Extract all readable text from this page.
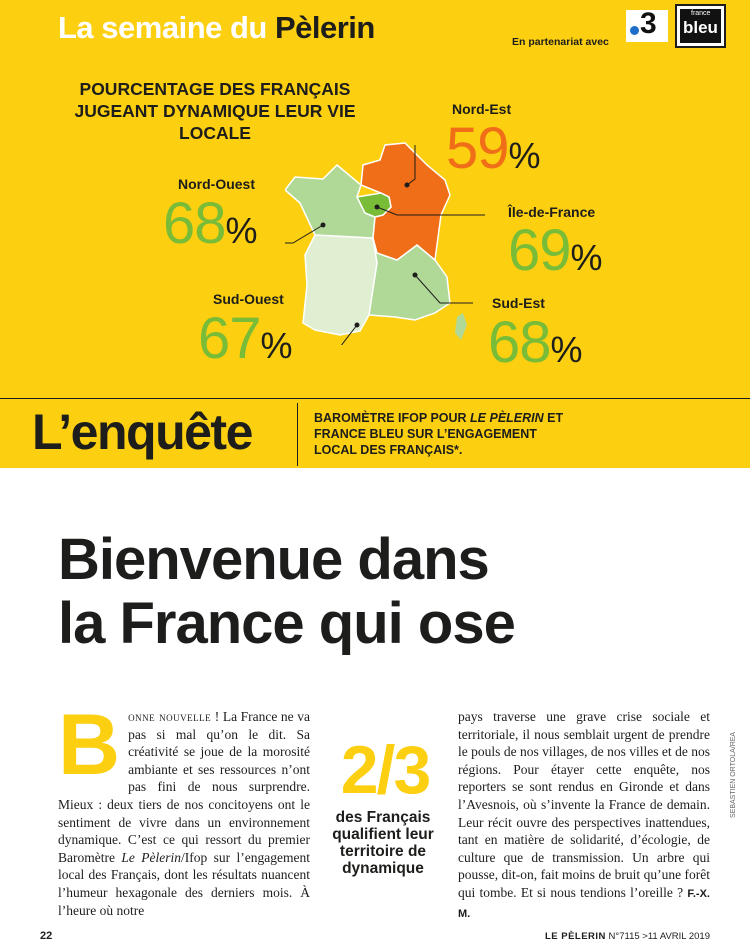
La semaine du Pèlerin	En partenariat avec
3	france
bleu
POURCENTAGE DES FRANÇAIS JUGEANT DYNAMIQUE LEUR VIE LOCALE
Nord-Est
59%
Nord-Ouest
68%	Île-de-France
69%
Sud-Ouest
67%
Sud-Est
68%
L’enquête	BAROMÈTRE IFOP POUR LE PÈLERIN ET FRANCE BLEU SUR L’ENGAGEMENT LOCAL DES FRANÇAIS*.
Bienvenue dans
la France qui ose
Bonne nouvelle ! La France ne va pas si mal qu’on le dit. Sa créativité se joue de la morosité ambiante et ses ressources n’ont pas fini de nous surprendre. Mieux : deux tiers de nos concitoyens ont le sentiment de vivre dans un environnement dynamique. C’est ce qui ressort du premier Baromètre Le Pèlerin/Ifop sur l’engagement local des Français, dont les résultats nuancent l’humeur hexagonale des derniers mois. À l’heure où notre
2/3
des Français qualifient leur territoire de dynamique
pays traverse une grave crise sociale et territoriale, il nous semblait urgent de prendre le pouls de nos villages, de nos villes et de nos régions. Pour étayer cette enquête, nos reporters se sont rendus en Gironde et dans l’Avesnois, où s’invente la France de demain. Leur récit ouvre des perspectives inattendues, tant en matière de solidarité, d’écologie, de culture que de transmission. Un arbre qui pousse, dit-on, fait moins de bruit qu’une forêt qui tombe. Et si nous tendions l’oreille ? F.-X. M.
SEBASTIEN ORTOLA/REA
22	LE PÈLERIN N°7115 >11 AVRIL 2019
